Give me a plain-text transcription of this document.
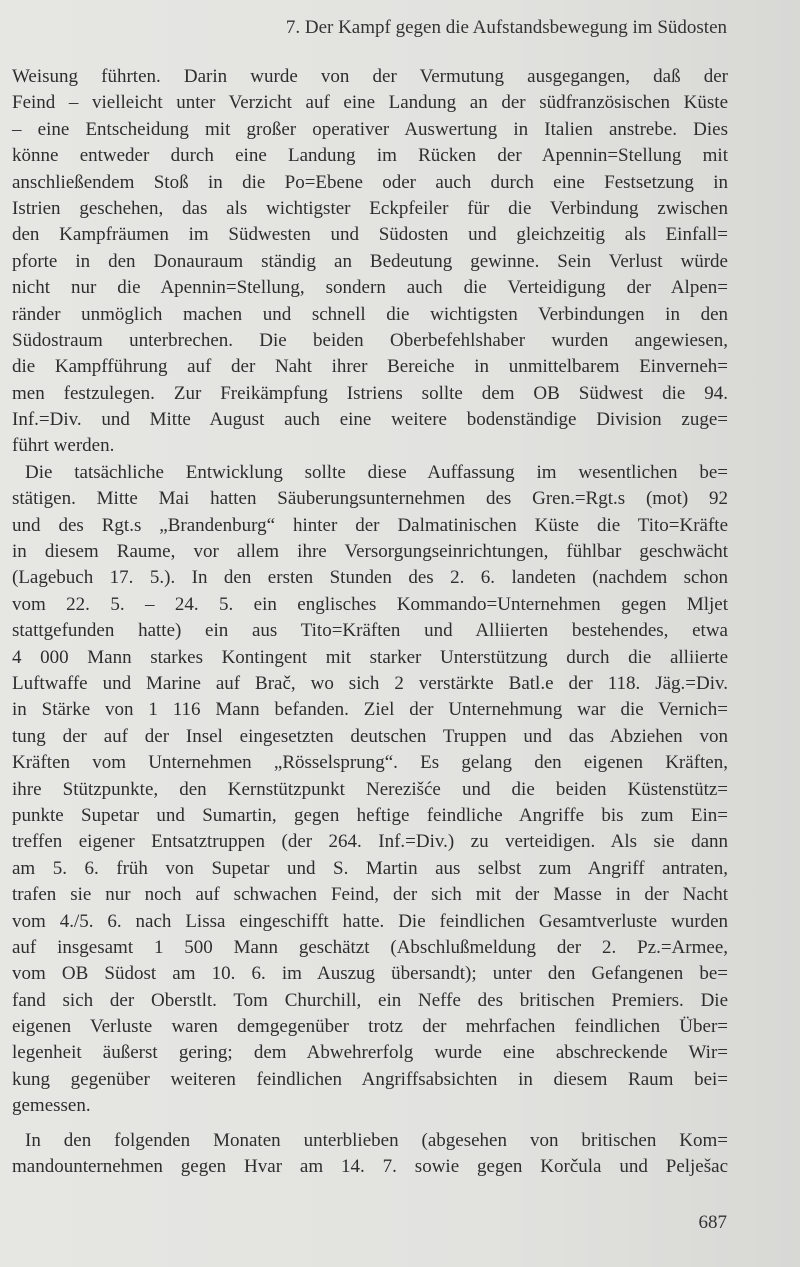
7. Der Kampf gegen die Aufstandsbewegung im Südosten
Weisung führten. Darin wurde von der Vermutung ausgegangen, daß der
Feind – vielleicht unter Verzicht auf eine Landung an der südfranzösischen Küste
– eine Entscheidung mit großer operativer Auswertung in Italien anstrebe. Dies
könne entweder durch eine Landung im Rücken der Apennin=Stellung mit
anschließendem Stoß in die Po=Ebene oder auch durch eine Festsetzung in
Istrien geschehen, das als wichtigster Eckpfeiler für die Verbindung zwischen
den Kampfräumen im Südwesten und Südosten und gleichzeitig als Einfall=
pforte in den Donauraum ständig an Bedeutung gewinne. Sein Verlust würde
nicht nur die Apennin=Stellung, sondern auch die Verteidigung der Alpen=
ränder unmöglich machen und schnell die wichtigsten Verbindungen in den
Südostraum unterbrechen. Die beiden Oberbefehlshaber wurden angewiesen,
die Kampfführung auf der Naht ihrer Bereiche in unmittelbarem Einverneh=
men festzulegen. Zur Freikämpfung Istriens sollte dem OB Südwest die 94.
Inf.=Div. und Mitte August auch eine weitere bodenständige Division zuge=
führt werden.
Die tatsächliche Entwicklung sollte diese Auffassung im wesentlichen be=
stätigen. Mitte Mai hatten Säuberungsunternehmen des Gren.=Rgt.s (mot) 92
und des Rgt.s „Brandenburg“ hinter der Dalmatinischen Küste die Tito=Kräfte
in diesem Raume, vor allem ihre Versorgungseinrichtungen, fühlbar geschwächt
(Lagebuch 17. 5.). In den ersten Stunden des 2. 6. landeten (nachdem schon
vom 22. 5. – 24. 5. ein englisches Kommando=Unternehmen gegen Mljet
stattgefunden hatte) ein aus Tito=Kräften und Alliierten bestehendes, etwa
4 000 Mann starkes Kontingent mit starker Unterstützung durch die alliierte
Luftwaffe und Marine auf Brač, wo sich 2 verstärkte Batl.e der 118. Jäg.=Div.
in Stärke von 1 116 Mann befanden. Ziel der Unternehmung war die Vernich=
tung der auf der Insel eingesetzten deutschen Truppen und das Abziehen von
Kräften vom Unternehmen „Rösselsprung“. Es gelang den eigenen Kräften,
ihre Stützpunkte, den Kernstützpunkt Nerezišće und die beiden Küstenstütz=
punkte Supetar und Sumartin, gegen heftige feindliche Angriffe bis zum Ein=
treffen eigener Entsatztruppen (der 264. Inf.=Div.) zu verteidigen. Als sie dann
am 5. 6. früh von Supetar und S. Martin aus selbst zum Angriff antraten,
trafen sie nur noch auf schwachen Feind, der sich mit der Masse in der Nacht
vom 4./5. 6. nach Lissa eingeschifft hatte. Die feindlichen Gesamtverluste wurden
auf insgesamt 1 500 Mann geschätzt (Abschlußmeldung der 2. Pz.=Armee,
vom OB Südost am 10. 6. im Auszug übersandt); unter den Gefangenen be=
fand sich der Oberstlt. Tom Churchill, ein Neffe des britischen Premiers. Die
eigenen Verluste waren demgegenüber trotz der mehrfachen feindlichen Über=
legenheit äußerst gering; dem Abwehrerfolg wurde eine abschreckende Wir=
kung gegenüber weiteren feindlichen Angriffsabsichten in diesem Raum bei=
gemessen.
In den folgenden Monaten unterblieben (abgesehen von britischen Kom=
mandounternehmen gegen Hvar am 14. 7. sowie gegen Korčula und Pelješac
687
